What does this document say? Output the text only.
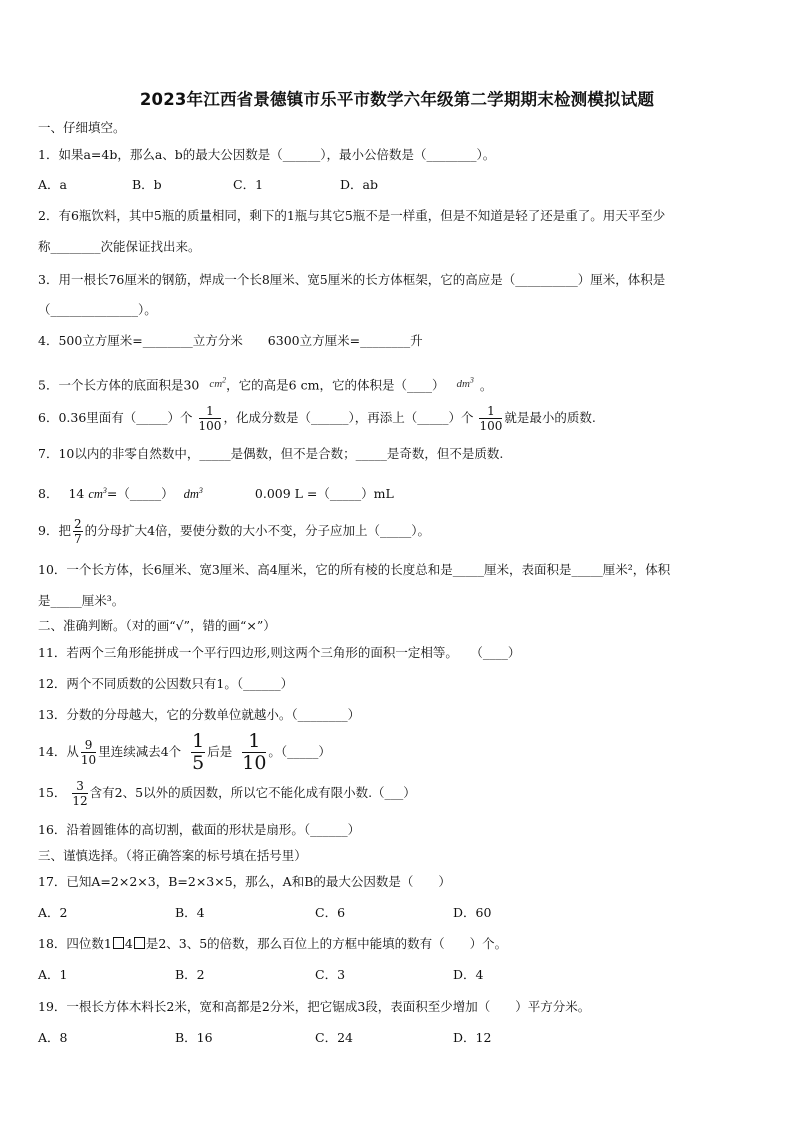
2023年江西省景德镇市乐平市数学六年级第二学期期末检测模拟试题
一、仔细填空。
1．如果a=4b，那么a、b的最大公因数是（______），最小公倍数是（________）。
A．a	B．b	C．1	D．ab
2．有6瓶饮料，其中5瓶的质量相同，剩下的1瓶与其它5瓶不是一样重，但是不知道是轻了还是重了。用天平至少
称________次能保证找出来。
3．用一根长76厘米的钢筋，焊成一个长8厘米、宽5厘米的长方体框架，它的高应是（__________）厘米，体积是
（______________）。
4．500立方厘米=________立方分米　　6300立方厘米=________升
5．一个长方体的底面积是30 $cm^2$，它的高是6 cm，它的体积是（____） $dm^3$ 。
6．0.36里面有（_____）个 $\frac{1}{100}$ ，化成分数是（______），再添上（_____）个 $\frac{1}{100}$ 就是最小的质数.
7．10以内的非零自然数中，_____是偶数，但不是合数；_____是奇数，但不是质数.
8． 14 $cm^3=(\_\_\_\_\_)$ $dm^3$	0.009 L =（_____）mL
9．把 $\frac{2}{7}$ 的分母扩大4倍，要使分数的大小不变，分子应加上（_____）。
10．一个长方体，长6厘米、宽3厘米、高4厘米，它的所有棱的长度总和是_____厘米，表面积是_____厘米²，体积
是_____厘米³。
二、准确判断。（对的画“√”，错的画“×”）
11．若两个三角形能拼成一个平行四边形,则这两个三角形的面积一定相等。　　（____）
12．两个不同质数的公因数只有1。（______）
13．分数的分母越大，它的分数单位就越小。（________）
14．从 $\frac{9}{10}$ 里连续减去4个 $\frac{1}{5}$ 后是 $\frac{1}{10}$ 。（_____）
15． $\frac{3}{12}$ 含有2、5以外的质因数，所以它不能化成有限小数.（___）
16．沿着圆锥体的高切割，截面的形状是扇形。（______）
三、谨慎选择。（将正确答案的标号填在括号里）
17．已知A=2×2×3，B=2×3×5，那么，A和B的最大公因数是（　　）
A．2	B．4	C．6	D．60
18．四位数1 4 是2、3、5的倍数，那么百位上的方框中能填的数有（　　）个。
A．1	B．2	C．3	D．4
19．一根长方体木料长2米，宽和高都是2分米，把它锯成3段，表面积至少增加（　　）平方分米。
A．8	B．16	C．24	D．12
